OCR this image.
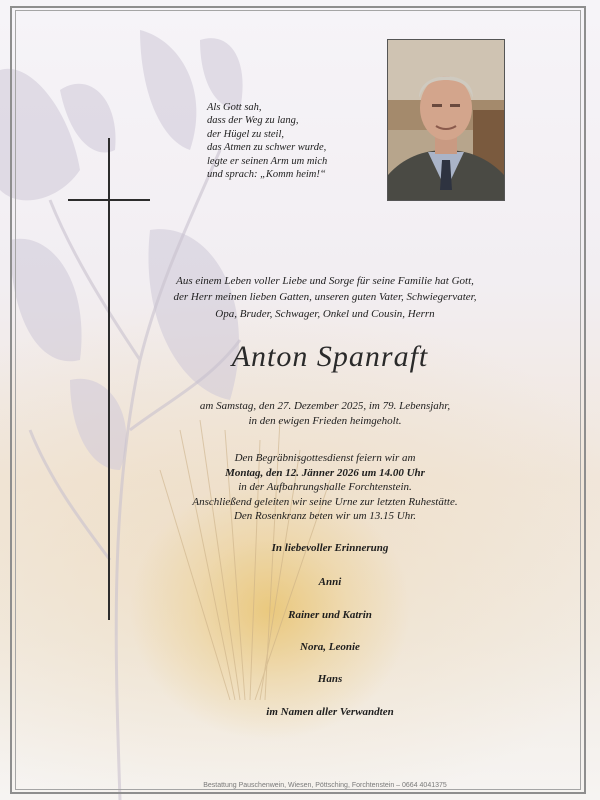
Als Gott sah,
dass der Weg zu lang,
der Hügel zu steil,
das Atmen zu schwer wurde,
legte er seinen Arm um mich
und sprach: „Komm heim!“
Aus einem Leben voller Liebe und Sorge für seine Familie hat Gott,
der Herr meinen lieben Gatten, unseren guten Vater, Schwiegervater,
Opa, Bruder, Schwager, Onkel und Cousin, Herrn
Anton Spanraft
am Samstag, den 27. Dezember 2025, im 79. Lebensjahr,
in den ewigen Frieden heimgeholt.
Den Begräbnisgottesdienst feiern wir am
Montag, den 12. Jänner 2026 um 14.00 Uhr
in der Aufbahrungshalle Forchtenstein.
Anschließend geleiten wir seine Urne zur letzten Ruhestätte.
Den Rosenkranz beten wir um 13.15 Uhr.
In liebevoller Erinnerung
Anni
Rainer und Katrin
Nora, Leonie
Hans
im Namen aller Verwandten
Bestattung Pauschenwein, Wiesen, Pöttsching, Forchtenstein – 0664 4041375
